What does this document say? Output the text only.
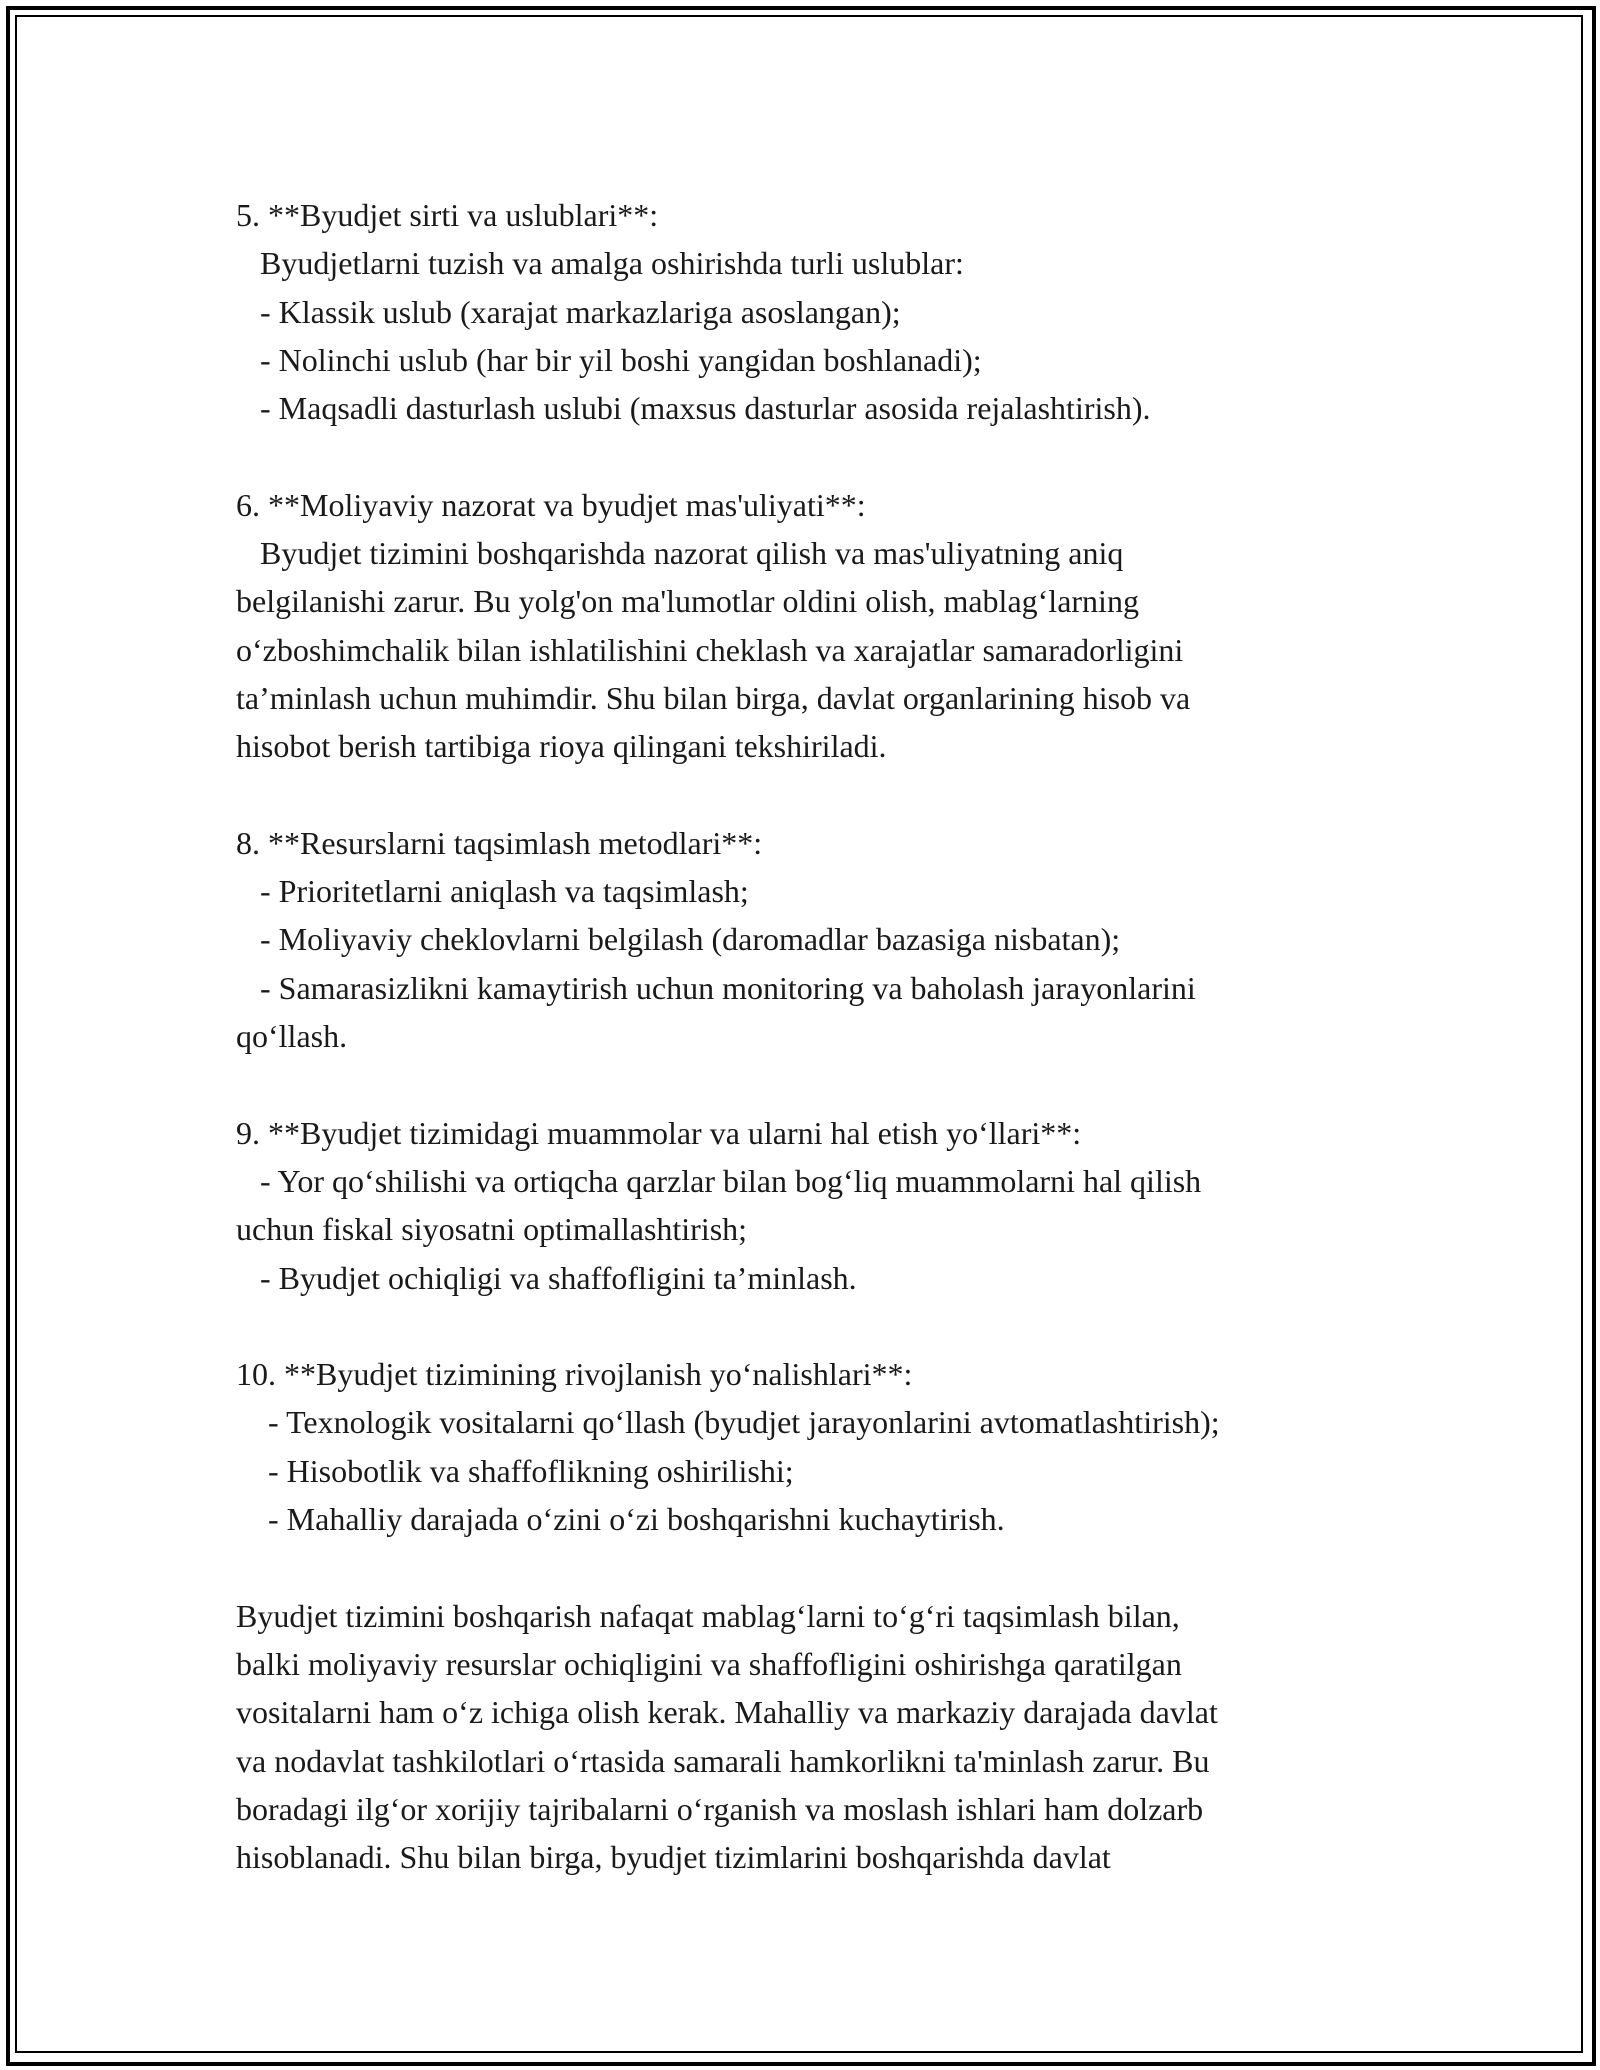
5. **Byudjet sirti va uslublari**:
Byudjetlarni tuzish va amalga oshirishda turli uslublar:
- Klassik uslub (xarajat markazlariga asoslangan);
- Nolinchi uslub (har bir yil boshi yangidan boshlanadi);
- Maqsadli dasturlash uslubi (maxsus dasturlar asosida rejalashtirish).
6. **Moliyaviy nazorat va byudjet mas'uliyati**:
Byudjet tizimini boshqarishda nazorat qilish va mas'uliyatning aniq
belgilanishi zarur. Bu yolg'on ma'lumotlar oldini olish, mablag‘larning
o‘zboshimchalik bilan ishlatilishini cheklash va xarajatlar samaradorligini
ta’minlash uchun muhimdir. Shu bilan birga, davlat organlarining hisob va
hisobot berish tartibiga rioya qilingani tekshiriladi.
8. **Resurslarni taqsimlash metodlari**:
- Prioritetlarni aniqlash va taqsimlash;
- Moliyaviy cheklovlarni belgilash (daromadlar bazasiga nisbatan);
- Samarasizlikni kamaytirish uchun monitoring va baholash jarayonlarini
qo‘llash.
9. **Byudjet tizimidagi muammolar va ularni hal etish yo‘llari**:
- Yor qo‘shilishi va ortiqcha qarzlar bilan bog‘liq muammolarni hal qilish
uchun fiskal siyosatni optimallashtirish;
- Byudjet ochiqligi va shaffofligini ta’minlash.
10. **Byudjet tizimining rivojlanish yo‘nalishlari**:
- Texnologik vositalarni qo‘llash (byudjet jarayonlarini avtomatlashtirish);
- Hisobotlik va shaffoflikning oshirilishi;
- Mahalliy darajada o‘zini o‘zi boshqarishni kuchaytirish.
Byudjet tizimini boshqarish nafaqat mablag‘larni to‘g‘ri taqsimlash bilan,
balki moliyaviy resurslar ochiqligini va shaffofligini oshirishga qaratilgan
vositalarni ham o‘z ichiga olish kerak. Mahalliy va markaziy darajada davlat
va nodavlat tashkilotlari o‘rtasida samarali hamkorlikni ta'minlash zarur. Bu
boradagi ilg‘or xorijiy tajribalarni o‘rganish va moslash ishlari ham dolzarb
hisoblanadi. Shu bilan birga, byudjet tizimlarini boshqarishda davlat
